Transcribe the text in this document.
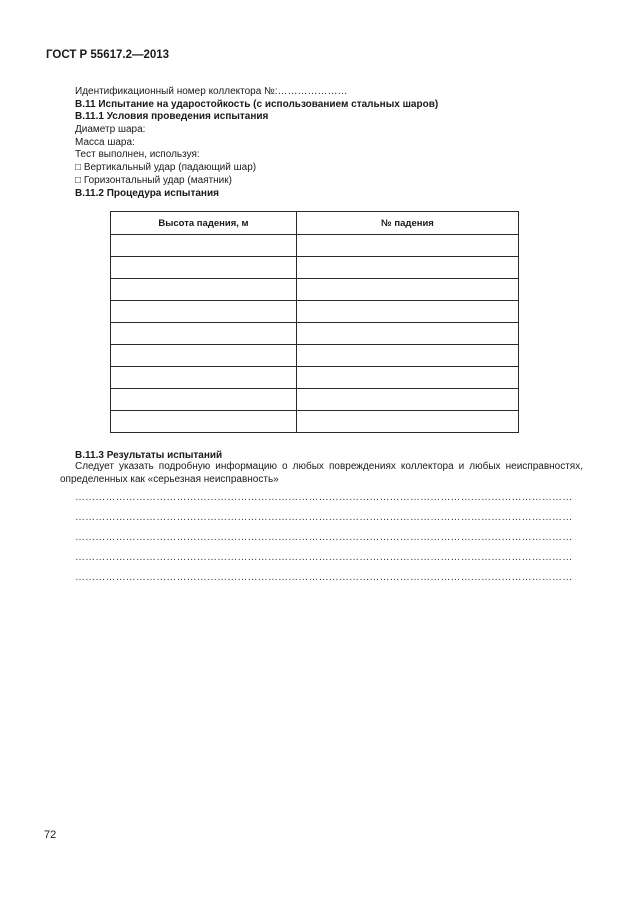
ГОСТ Р 55617.2—2013
Идентификационный номер коллектора №:…………………
B.11 Испытание на ударостойкость (с использованием стальных шаров)
B.11.1 Условия проведения испытания
Диаметр шара:
Масса шара:
Тест выполнен, используя:
□ Вертикальный удар (падающий шар)
□ Горизонтальный удар (маятник)
B.11.2 Процедура испытания
Высота падения, м	№ падения

B.11.3 Результаты испытаний
Следует указать подробную информацию о любых повреждениях коллектора и любых неисправностях, определенных как «серьезная неисправность»
…………………………………………………………………………………………………………………………………
…………………………………………………………………………………………………………………………………
…………………………………………………………………………………………………………………………………
…………………………………………………………………………………………………………………………………
…………………………………………………………………………………………………………………………………
72
